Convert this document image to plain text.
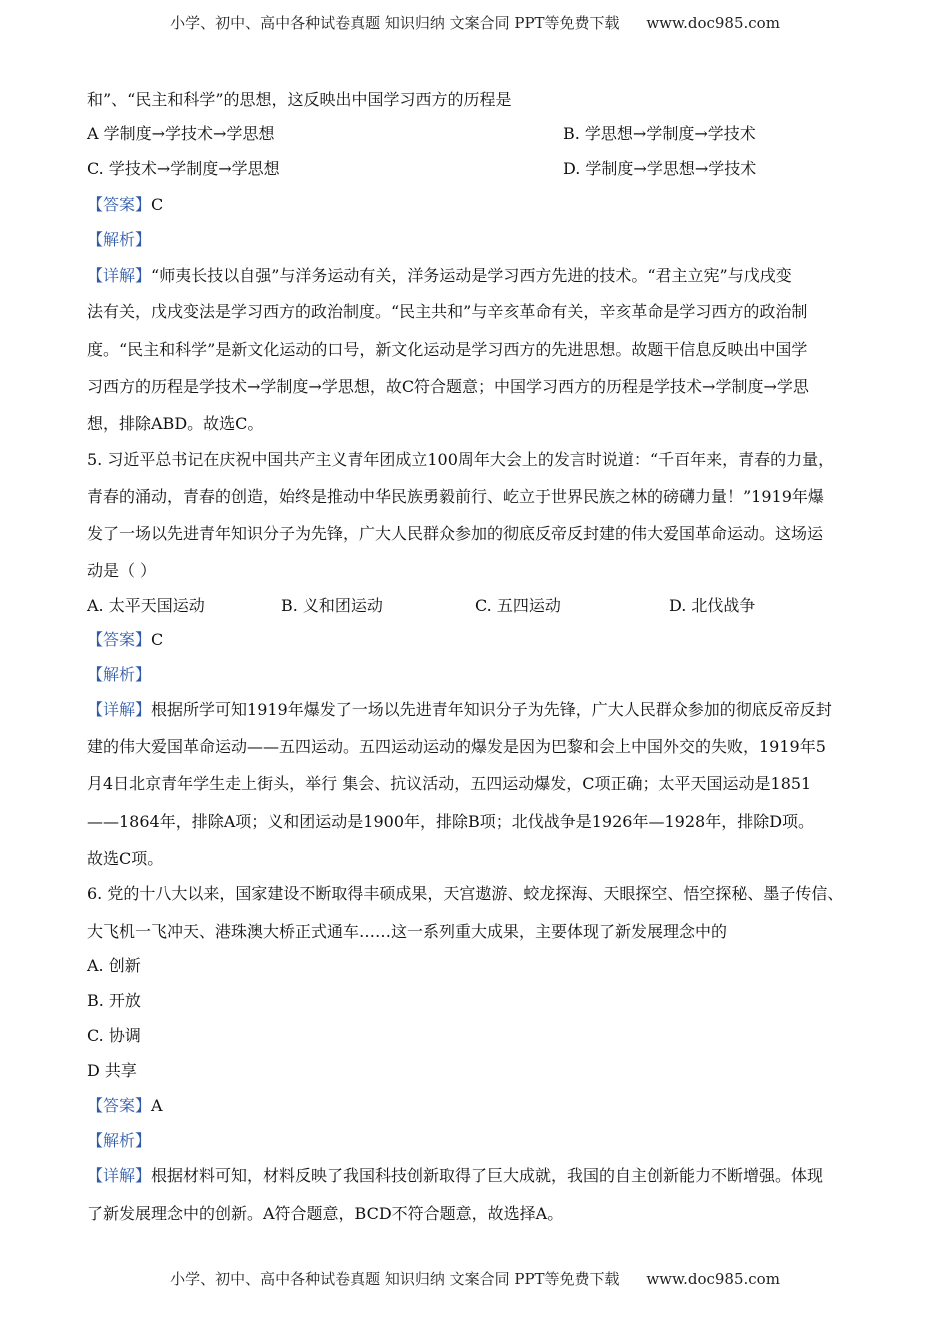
小学、初中、高中各种试卷真题 知识归纳 文案合同 PPT等免费下载 www.doc985.com
和”、“民主和科学”的思想，这反映出中国学习西方的历程是
A 学制度→学技术→学思想	B. 学思想→学制度→学技术
C. 学技术→学制度→学思想	D. 学制度→学思想→学技术
【答案】C
【解析】
【详解】“师夷长技以自强”与洋务运动有关，洋务运动是学习西方先进的技术。“君主立宪”与戊戌变
法有关，戊戌变法是学习西方的政治制度。“民主共和”与辛亥革命有关，辛亥革命是学习西方的政治制
度。“民主和科学”是新文化运动的口号，新文化运动是学习西方的先进思想。故题干信息反映出中国学
习西方的历程是学技术→学制度→学思想，故C符合题意；中国学习西方的历程是学技术→学制度→学思
想，排除ABD。故选C。
5. 习近平总书记在庆祝中国共产主义青年团成立100周年大会上的发言时说道：“千百年来，青春的力量，
青春的涌动，青春的创造，始终是推动中华民族勇毅前行、屹立于世界民族之林的磅礴力量！”1919年爆
发了一场以先进青年知识分子为先锋，广大人民群众参加的彻底反帝反封建的伟大爱国革命运动。这场运
动是（ ）
A. 太平天国运动	B. 义和团运动	C. 五四运动	D. 北伐战争
【答案】C
【解析】
【详解】根据所学可知1919年爆发了一场以先进青年知识分子为先锋，广大人民群众参加的彻底反帝反封
建的伟大爱国革命运动——五四运动。五四运动运动的爆发是因为巴黎和会上中国外交的失败，1919年5
月4日北京青年学生走上街头，举行 集会、抗议活动，五四运动爆发，C项正确；太平天国运动是1851
——1864年，排除A项；义和团运动是1900年，排除B项；北伐战争是1926年—1928年，排除D项。
故选C项。
6. 党的十八大以来，国家建设不断取得丰硕成果，天宫遨游、蛟龙探海、天眼探空、悟空探秘、墨子传信、
大飞机一飞冲天、港珠澳大桥正式通车……这一系列重大成果，主要体现了新发展理念中的
A. 创新
B. 开放
C. 协调
D 共享
【答案】A
【解析】
【详解】根据材料可知，材料反映了我国科技创新取得了巨大成就，我国的自主创新能力不断增强。体现
了新发展理念中的创新。A符合题意，BCD不符合题意，故选择A。
小学、初中、高中各种试卷真题 知识归纳 文案合同 PPT等免费下载 www.doc985.com
